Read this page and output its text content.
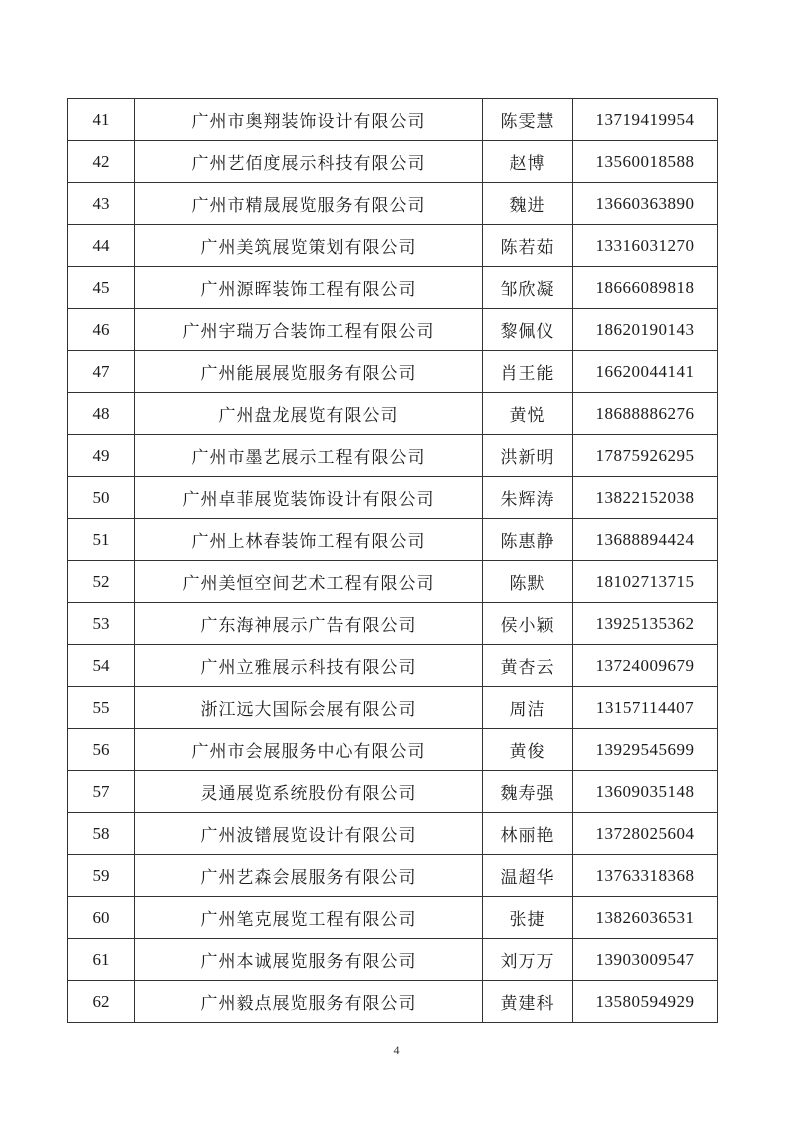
41	广州市奥翔装饰设计有限公司	陈雯慧	13719419954
42	广州艺佰度展示科技有限公司	赵博	13560018588
43	广州市精晟展览服务有限公司	魏进	13660363890
44	广州美筑展览策划有限公司	陈若茹	13316031270
45	广州源晖装饰工程有限公司	邹欣凝	18666089818
46	广州宇瑞万合装饰工程有限公司	黎佩仪	18620190143
47	广州能展展览服务有限公司	肖王能	16620044141
48	广州盘龙展览有限公司	黄悦	18688886276
49	广州市墨艺展示工程有限公司	洪新明	17875926295
50	广州卓菲展览装饰设计有限公司	朱辉涛	13822152038
51	广州上林春装饰工程有限公司	陈惠静	13688894424
52	广州美恒空间艺术工程有限公司	陈默	18102713715
53	广东海神展示广告有限公司	侯小颖	13925135362
54	广州立雅展示科技有限公司	黄杏云	13724009679
55	浙江远大国际会展有限公司	周洁	13157114407
56	广州市会展服务中心有限公司	黄俊	13929545699
57	灵通展览系统股份有限公司	魏寿强	13609035148
58	广州波镨展览设计有限公司	林丽艳	13728025604
59	广州艺森会展服务有限公司	温超华	13763318368
60	广州笔克展览工程有限公司	张捷	13826036531
61	广州本诚展览服务有限公司	刘万万	13903009547
62	广州毅点展览服务有限公司	黄建科	13580594929
4
